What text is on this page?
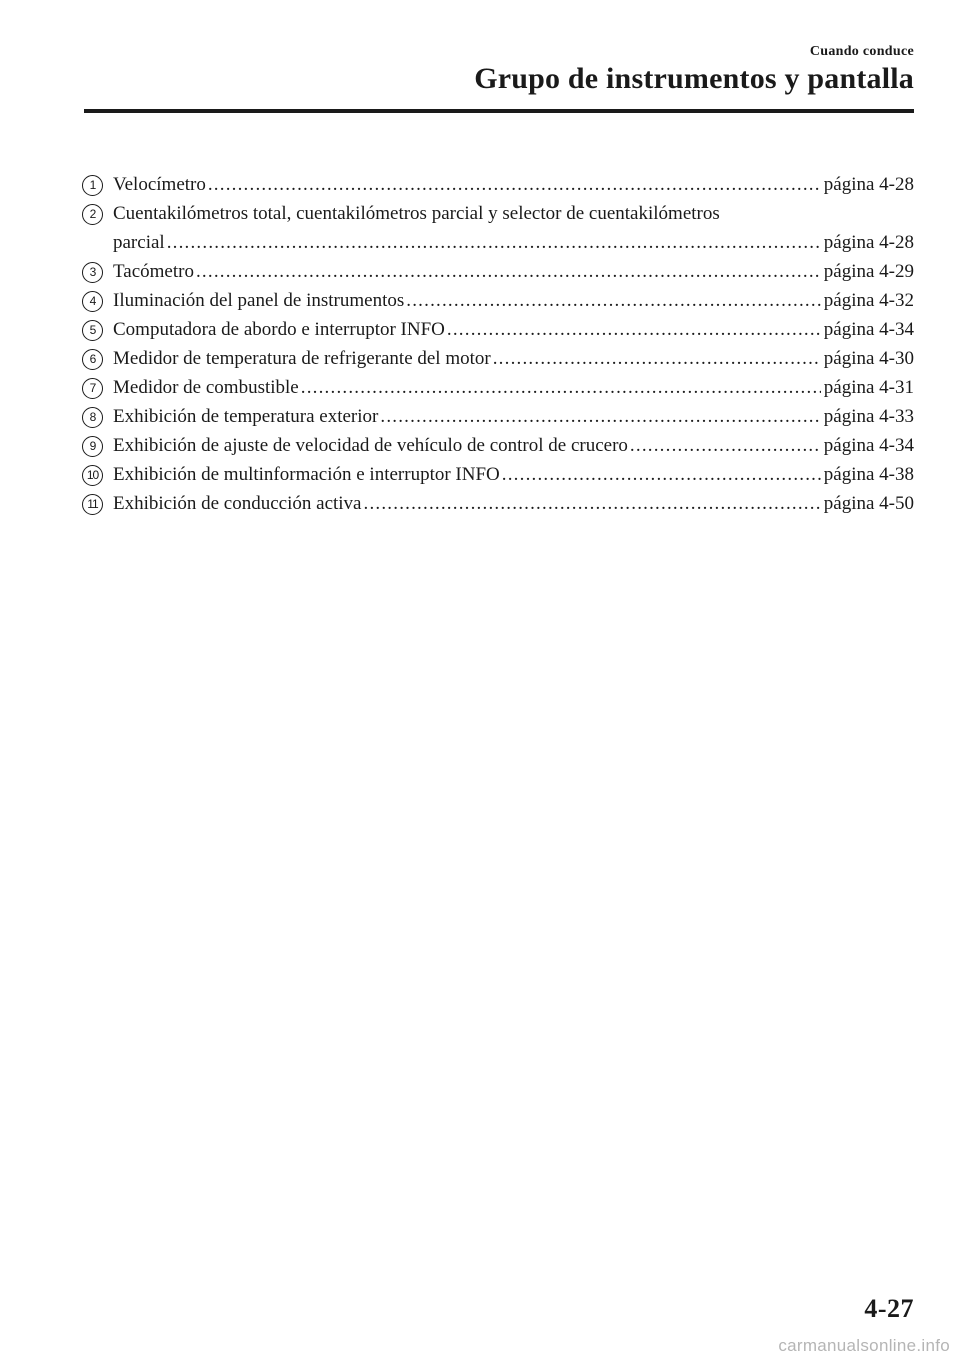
Cuando conduce
Grupo de instrumentos y pantalla
1 Velocímetro .....	página 4-28
2 Cuentakilómetros total, cuentakilómetros parcial y selector de cuentakilómetros
parcial .....	página 4-28
3 Tacómetro .....	página 4-29
4 Iluminación del panel de instrumentos .....	página 4-32
5 Computadora de abordo e interruptor INFO .....	página 4-34
6 Medidor de temperatura de refrigerante del motor .....	página 4-30
7 Medidor de combustible .....	página 4-31
8 Exhibición de temperatura exterior .....	página 4-33
9 Exhibición de ajuste de velocidad de vehículo de control de crucero .....	página 4-34
10 Exhibición de multinformación e interruptor INFO .....	página 4-38
11 Exhibición de conducción activa .....	página 4-50
4-27
carmanualsonline.info
